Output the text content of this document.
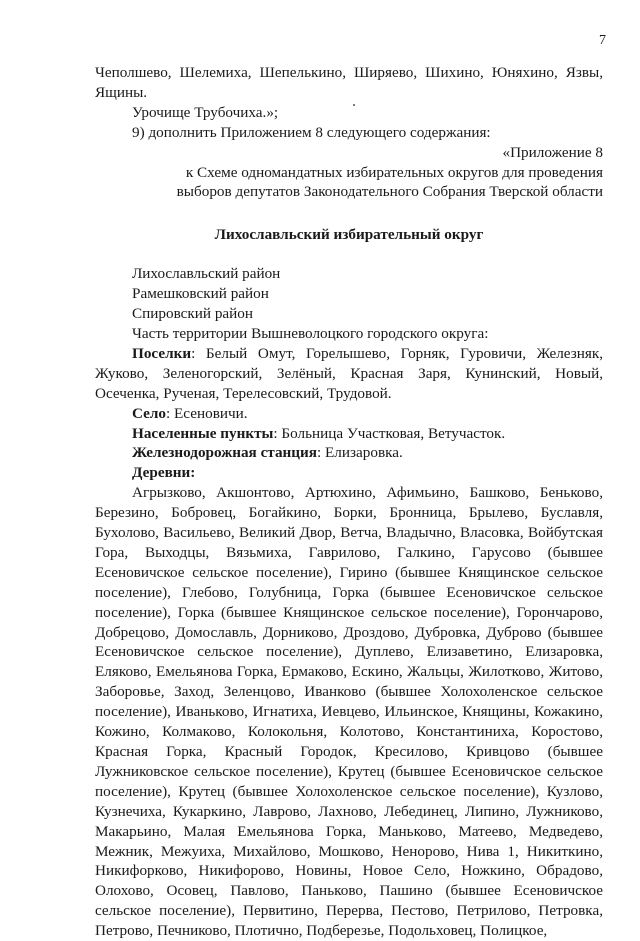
7

Чеполшево, Шелемиха, Шепелькино, Ширяево, Шихино, Юняхино, Язвы, Ящины.

Урочище Трубочиха.»;

9) дополнить Приложением 8 следующего содержания:

«Приложение 8

к Схеме одномандатных избирательных округов для проведения

выборов депутатов Законодательного Собрания Тверской области

Лихославльский избирательный округ

Лихославльский район

Рамешковский район

Спировский район

Часть территории Вышневолоцкого городского округа:

Поселки: Белый Омут, Горелышево, Горняк, Гуровичи, Железняк, Жуково, Зеленогорский, Зелёный, Красная Заря, Кунинский, Новый, Осеченка, Рученая, Терелесовский, Трудовой.

Село: Есеновичи.

Населенные пункты: Больница Участковая, Ветучасток.

Железнодорожная станция: Елизаровка.

Деревни:

Агрызково, Акшонтово, Артюхино, Афимьино, Башково, Беньково, Березино, Бобровец, Богайкино, Борки, Бронница, Брылево, Буславля, Бухолово, Васильево, Великий Двор, Ветча, Владычно, Власовка, Войбутская Гора, Выходцы, Вязьмиха, Гаврилово, Галкино, Гарусово (бывшее Есеновичское сельское поселение), Гирино (бывшее Княщинское сельское поселение), Глебово, Голубница, Горка (бывшее Есеновичское сельское поселение), Горка (бывшее Княщинское сельское поселение), Горончарово, Добрецово, Домославль, Дорниково, Дроздово, Дубровка, Дуброво (бывшее Есеновичское сельское поселение), Дуплево, Елизаветино, Елизаровка, Еляково, Емельянова Горка, Ермаково, Ескино, Жальцы, Жилотково, Житово, Заборовье, Заход, Зеленцово, Иванково (бывшее Холохоленское сельское поселение), Иваньково, Игнатиха, Иевцево, Ильинское, Княщины, Кожакино, Кожино, Колмаково, Колокольня, Колотово, Константиниха, Коростово, Красная Горка, Красный Городок, Кресилово, Кривцово (бывшее Лужниковское сельское поселение), Крутец (бывшее Есеновичское сельское поселение), Крутец (бывшее Холохоленское сельское поселение), Кузлово, Кузнечиха, Кукаркино, Лаврово, Лахново, Лебединец, Липино, Лужниково, Макарьино, Малая Емельянова Горка, Маньково, Матеево, Медведево, Межник, Межуиха, Михайлово, Мошково, Ненорово, Нива 1, Никиткино, Никифорково, Никифорово, Новины, Новое Село, Ножкино, Обрадово, Олохово, Осовец, Павлово, Паньково, Пашино (бывшее Есеновичское сельское поселение), Первитино, Перерва, Пестово, Петрилово, Петровка, Петрово, Печниково, Плотично, Подберезье, Подольховец, Полицкое,
